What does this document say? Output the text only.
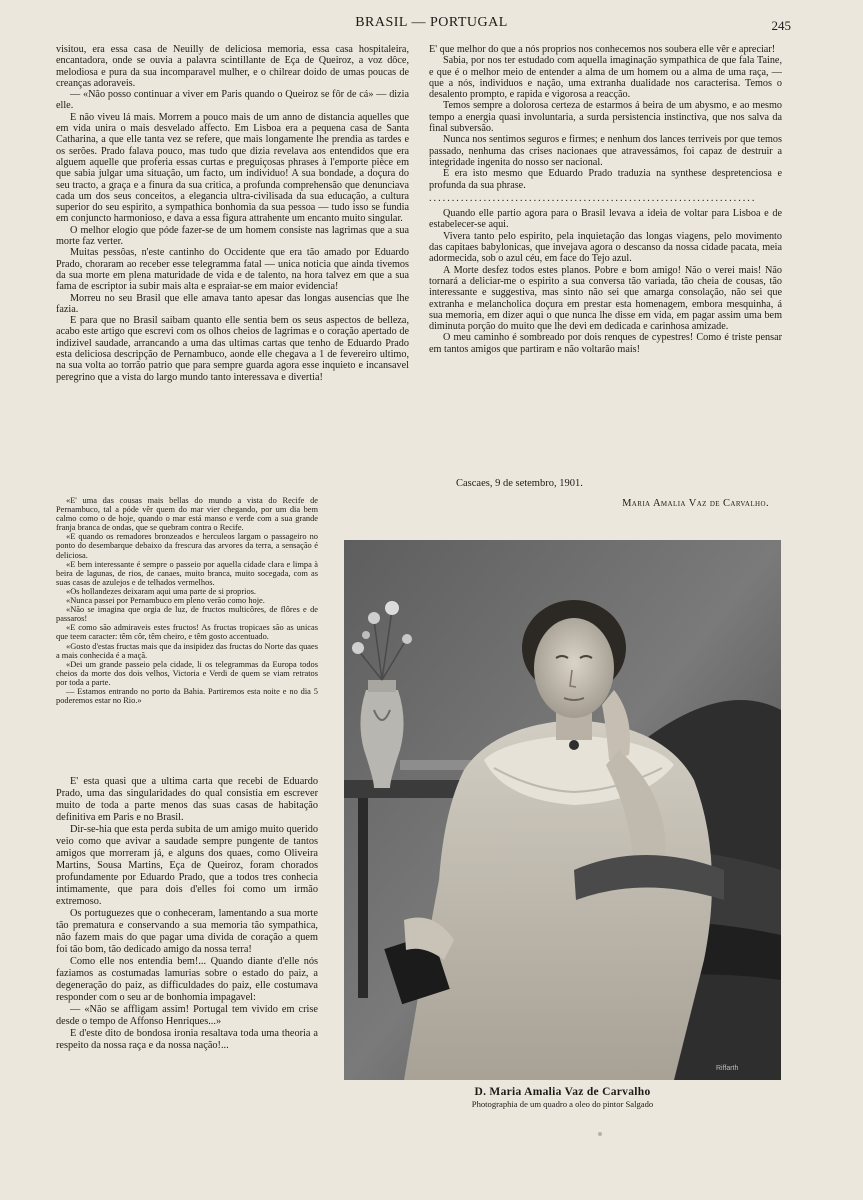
BRASIL — PORTUGAL	245

visitou, era essa casa de Neuilly de deliciosa memoria, essa casa hospitaleira, encantadora, onde se ouvia a palavra scintillante de Eça de Queiroz, a voz dôce, melodiosa e pura da sua incomparavel mulher, e o chilrear doido de umas poucas de creanças adoraveis.

— «Não posso continuar a viver em Paris quando o Queiroz se fôr de cá» — dizia elle.

E não viveu lá mais. Morrem a pouco mais de um anno de distancia aquelles que em vida unira o mais desvelado affecto. Em Lisboa era a pequena casa de Santa Catharina, a que elle tanta vez se refere, que mais longamente lhe prendia as tardes e os serões. Prado falava pouco, mas tudo que dizia revelava aos entendidos que era alguem aquelle que proferia essas curtas e preguiçosas phrases à l'emporte pièce em que sabia julgar uma situação, um facto, um individuo! A sua bondade, a doçura do seu tracto, a graça e a finura da sua critica, a profunda comprehensão que denunciava cada um dos seus conceitos, a elegancia ultra-civilisada da sua educação, a cultura superior do seu espirito, a sympathica bonhomia da sua pessoa — tudo isso se fundia em conjuncto harmonioso, e dava a essa figura attrahente um encanto muito singular.

O melhor elogio que póde fazer-se de um homem consiste nas lagrimas que a sua morte faz verter.

Muitas pessôas, n'este cantinho do Occidente que era tão amado por Eduardo Prado, choraram ao receber esse telegramma fatal — unica noticia que ainda tivemos da sua morte em plena maturidade de vida e de talento, na hora talvez em que a sua fama de escriptor ia subir mais alta e espraiar-se em maior evidencia!

Morreu no seu Brasil que elle amava tanto apesar das longas ausencias que lhe fazia.

E para que no Brasil saibam quanto elle sentia bem os seus aspectos de belleza, acabo este artigo que escrevi com os olhos cheios de lagrimas e o coração apertado de indizivel saudade, arrancando a uma das ultimas cartas que tenho de Eduardo Prado esta deliciosa descripção de Pernambuco, aonde elle chegava a 1 de fevereiro ultimo, na sua volta ao torrão patrio que para sempre guarda agora esse inquieto e incansavel peregrino que a vista do largo mundo tanto interessava e divertia!

«E' uma das cousas mais bellas do mundo a vista do Recife de Pernambuco, tal a póde vêr quem do mar vier chegando, por um dia bem calmo como o de hoje, quando o mar está manso e verde com a sua grande franja branca de ondas, que se quebram contra o Recife.

«E quando os remadores bronzeados e herculeos largam o passageiro no ponto do desembarque debaixo da frescura das arvores da terra, a sensação é deliciosa.

«E bem interessante é sempre o passeio por aquella cidade clara e limpa à beira de lagunas, de rios, de canaes, muito branca, muito socegada, com as suas casas de azulejos e de telhados vermelhos.

«Os hollandezes deixaram aqui uma parte de si proprios.

«Nunca passei por Pernambuco em pleno verão como hoje.

«Não se imagina que orgia de luz, de fructos multicôres, de flôres e de passaros!

«E como são admiraveis estes fructos! As fructas tropicaes são as unicas que teem caracter: têm côr, têm cheiro, e têm gosto accentuado.

«Gosto d'estas fructas mais que da insipidez das fructas do Norte das quaes a mais conhecida é a maçã.

«Dei um grande passeio pela cidade, li os telegrammas da Europa todos cheios da morte dos dois velhos, Victoria e Verdi de quem se viam retratos por toda a parte.

— Estamos entrando no porto da Bahia. Partiremos esta noite e no dia 5 poderemos estar no Rio.»

E' esta quasi que a ultima carta que recebi de Eduardo Prado, uma das singularidades do qual consistia em escrever muito de toda a parte menos das suas casas de habitação definitiva em Paris e no Brasil.

Dir-se-hia que esta perda subita de um amigo muito querido veio como que avivar a saudade sempre pungente de tantos amigos que morreram já, e alguns dos quaes, como Oliveira Martins, Sousa Martins, Eça de Queiroz, foram chorados profundamente por Eduardo Prado, que a todos tres conhecia intimamente, que para dois d'elles foi como um irmão extremoso.

Os portuguezes que o conheceram, lamentando a sua morte tão prematura e conservando a sua memoria tão sympathica, não fazem mais do que pagar uma divida de coração a quem foi tão bom, tão dedicado amigo da nossa terra!

Como elle nos entendia bem!... Quando diante d'elle nós faziamos as costumadas lamurias sobre o estado do paiz, a degeneração do paiz, as difficuldades do paiz, elle costumava responder com o seu ar de bonhomia impagavel:

— «Não se affligam assim! Portugal tem vivido em crise desde o tempo de Affonso Henriques...»

E d'este dito de bondosa ironia resaltava toda uma theoria a respeito da nossa raça e da nossa nação!...

E' que melhor do que a nós proprios nos conhecemos nos soubera elle vêr e apreciar!

Sabia, por nos ter estudado com aquella imaginação sympathica de que fala Taine, e que é o melhor meio de entender a alma de um homem ou a alma de uma raça, — que a nós, individuos e nação, uma extranha dualidade nos caracterisa. Temos o desalento prompto, e rapida e vigorosa a reacção.

Temos sempre a dolorosa certeza de estarmos á beira de um abysmo, e ao mesmo tempo a energia quasi involuntaria, a surda persistencia instinctiva, que nos salva da final subversão.

Nunca nos sentimos seguros e firmes; e nenhum dos lances terriveis por que temos passado, nenhuma das crises nacionaes que atravessámos, foi capaz de destruir a integridade ingenita do nosso ser nacional.

E era isto mesmo que Eduardo Prado traduzia na synthese despretenciosa e profunda da sua phrase.

........................................................................

Quando elle partio agora para o Brasil levava a ideia de voltar para Lisboa e de estabelecer-se aqui.

Vivera tanto pelo espirito, pela inquietação das longas viagens, pelo movimento das capitaes babylonicas, que invejava agora o descanso da nossa cidade pacata, meia adormecida, sob o azul céu, em face do Tejo azul.

A Morte desfez todos estes planos. Pobre e bom amigo! Não o verei mais! Não tornará a deliciar-me o espirito a sua conversa tão variada, tão cheia de cousas, tão interessante e suggestiva, mas sinto não sei que amarga consolação, não sei que extranha e melancholica doçura em prestar esta homenagem, embora mesquinha, á sua memoria, em dizer aqui o que nunca lhe disse em vida, em pagar assim uma bem diminuta porção do muito que lhe devi em dedicada e carinhosa amizade.

O meu caminho é sombreado por dois renques de cypestres! Como é triste pensar em tantos amigos que partiram e não voltarão mais!

Cascaes, 9 de setembro, 1901.
Maria Amalia Vaz de Carvalho.
Riffarth
D. Maria Amalia Vaz de Carvalho
Photographia de um quadro a oleo do pintor Salgado
